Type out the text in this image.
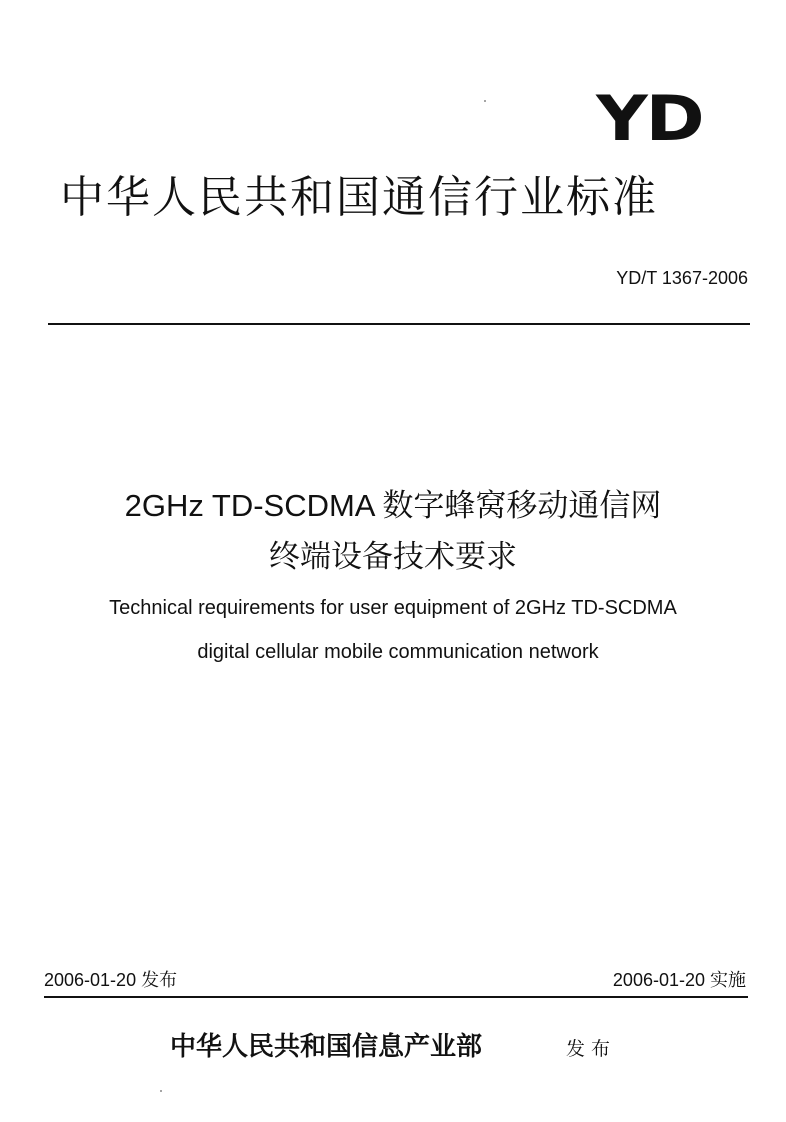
YD
中华人民共和国通信行业标准
YD/T 1367-2006
2GHz TD-SCDMA 数字蜂窝移动通信网
终端设备技术要求
Technical requirements for user equipment of 2GHz TD-SCDMA
digital cellular mobile communication network
2006-01-20 发布	2006-01-20 实施
中华人民共和国信息产业部	发布
